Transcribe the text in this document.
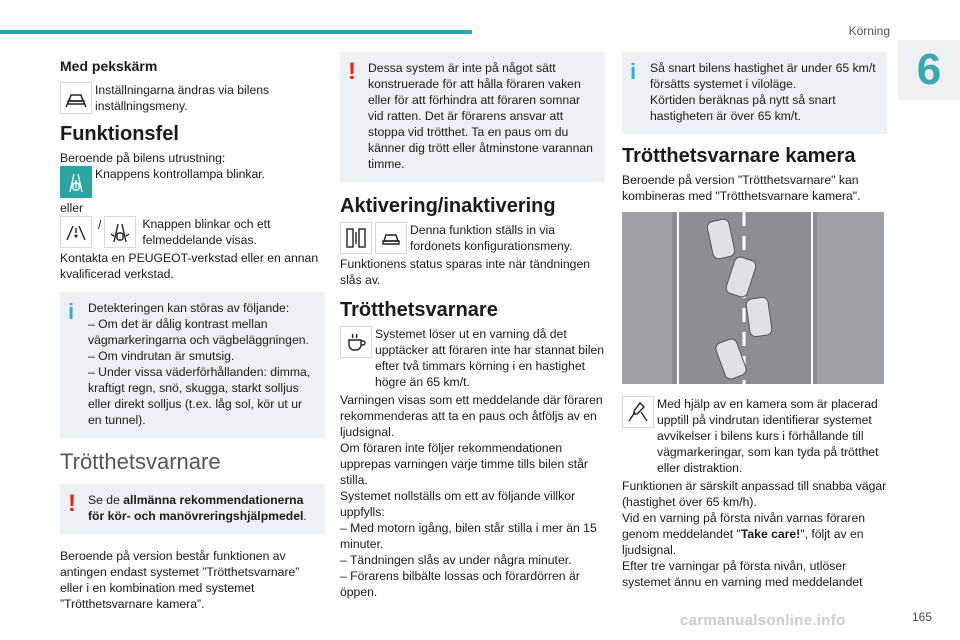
Körning
6
Med pekskärm

Inställningarna ändras via bilens inställningsmeny.

Funktionsfel

Beroende på bilens utrustning:

Knappens kontrollampa blinkar.

eller

/	Knappen blinkar och ett felmeddelande visas.

Kontakta en PEUGEOT-verkstad eller en annan kvalificerad verkstad.

i	Detekteringen kan störas av följande:

– Om det är dålig kontrast mellan vägmarkeringarna och vägbeläggningen.

– Om vindrutan är smutsig.

– Under vissa väderförhållanden: dimma, kraftigt regn, snö, skugga, starkt solljus eller direkt solljus (t.ex. låg sol, kör ut ur en tunnel).

Trötthetsvarnare
! Se de allmänna rekommendationerna för kör- och manövreringshjälpmedel.

Beroende på version består funktionen av antingen endast systemet ”Trötthetsvarnare” eller i en kombination med systemet ”Trötthetsvarnare kamera”.

! Dessa system är inte på något sätt konstruerade för att hålla föraren vaken eller för att förhindra att föraren somnar vid ratten. Det är förarens ansvar att stoppa vid trötthet. Ta en paus om du känner dig trött eller åtminstone varannan timme.

Aktivering/inaktivering

Denna funktion ställs in via fordonets konfigurationsmeny.

Funktionens status sparas inte när tändningen slås av.

Trötthetsvarnare

Systemet löser ut en varning då det upptäcker att föraren inte har stannat bilen efter två timmars körning i en hastighet högre än 65 km/t.

Varningen visas som ett meddelande där föraren rekommenderas att ta en paus och åtföljs av en ljudsignal.

Om föraren inte följer rekommendationen upprepas varningen varje timme tills bilen står stilla.

Systemet nollställs om ett av följande villkor uppfylls:

– Med motorn igång, bilen står stilla i mer än 15 minuter.

– Tändningen slås av under några minuter.

– Förarens bilbälte lossas och förardörren är öppen.

i	Så snart bilens hastighet är under 65 km/t försätts systemet i viloläge.

Körtiden beräknas på nytt så snart hastigheten är över 65 km/t.

Trötthetsvarnare kamera

Beroende på version "Trötthetsvarnare" kan kombineras med "Trötthetsvarnare kamera".

Med hjälp av en kamera som är placerad upptill på vindrutan identifierar systemet avvikelser i bilens kurs i förhållande till vägmarkeringar, som kan tyda på trötthet eller distraktion.

Funktionen är särskilt anpassad till snabba vägar (hastighet över 65 km/h).

Vid en varning på första nivån varnas föraren genom meddelandet "Take care!", följt av en ljudsignal.

Efter tre varningar på första nivån, utlöser systemet ännu en varning med meddelandet

carmanualsonline.info	165
